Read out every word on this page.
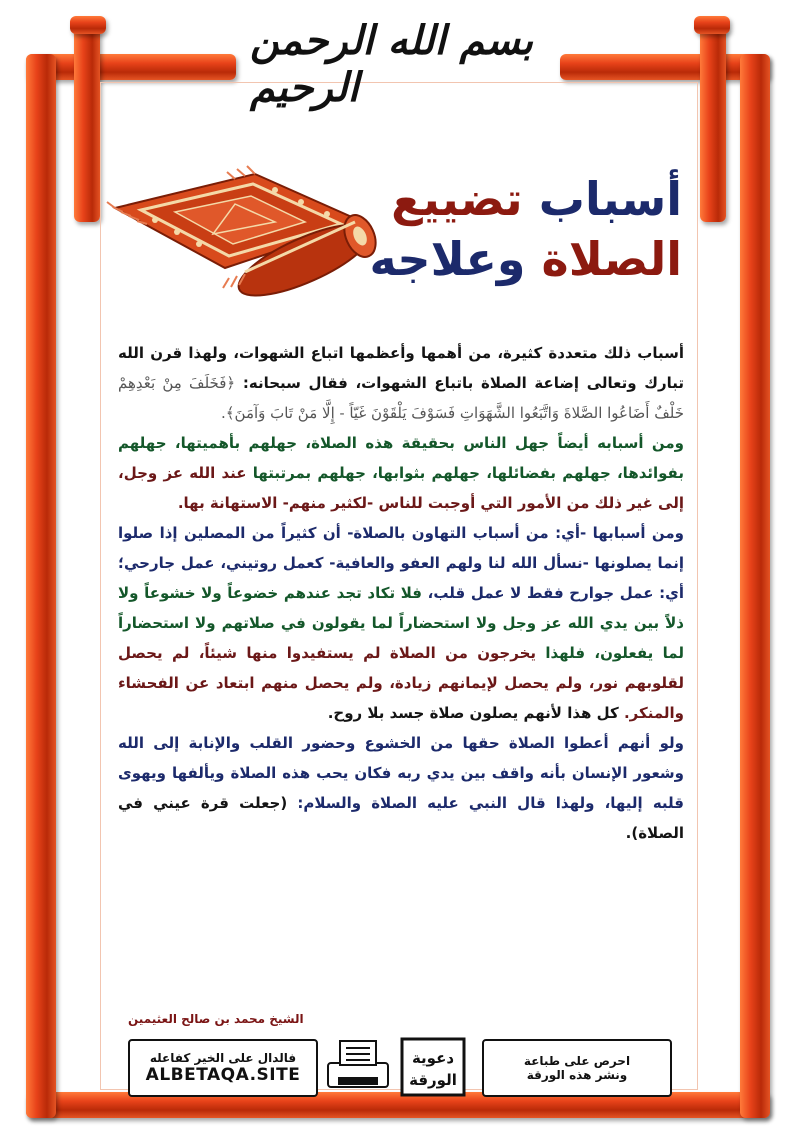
بسم الله الرحمن الرحيم
أسباب تضييع
الصلاة وعلاجه

أسباب ذلك متعددة كثيرة، من أهمها وأعظمها اتباع الشهوات، ولهذا قرن الله تبارك وتعالى إضاعة الصلاة باتباع الشهوات، فقال سبحانه: ﴿فَخَلَفَ مِنْ بَعْدِهِمْ خَلْفٌ أَضَاعُوا الصَّلاةَ وَاتَّبَعُوا الشَّهَوَاتِ فَسَوْفَ يَلْقَوْنَ غَيّاً - إِلَّا مَنْ تَابَ وَآمَنَ﴾.

ومن أسبابه أيضاً جهل الناس بحقيقة هذه الصلاة، جهلهم بأهميتها، جهلهم بفوائدها، جهلهم بفضائلها، جهلهم بثوابها، جهلهم بمرتبتها عند الله عز وجل، إلى غير ذلك من الأمور التي أوجبت للناس -لكثير منهم- الاستهانة بها.

ومن أسبابها -أي: من أسباب التهاون بالصلاة- أن كثيراً من المصلين إذا صلوا إنما يصلونها -نسأل الله لنا ولهم العفو والعافية- كعمل روتيني، عمل جارحي؛ أي: عمل جوارح فقط لا عمل قلب، فلا تكاد تجد عندهم خضوعاً ولا خشوعاً ولا ذلاً بين يدي الله عز وجل ولا استحضاراً لما يقولون في صلاتهم ولا استحضاراً لما يفعلون، فلهذا يخرجون من الصلاة لم يستفيدوا منها شيئاً، لم يحصل لقلوبهم نور، ولم يحصل لإيمانهم زيادة، ولم يحصل منهم ابتعاد عن الفحشاء والمنكر. كل هذا لأنهم يصلون صلاة جسد بلا روح.

ولو أنهم أعطوا الصلاة حقها من الخشوع وحضور القلب والإنابة إلى الله وشعور الإنسان بأنه واقف بين يدي ربه فكان يحب هذه الصلاة ويألفها ويهوى قلبه إليها، ولهذا قال النبي عليه الصلاة والسلام: (جعلت قرة عيني في الصلاة).

الشيخ محمد بن صالح العثيمين
فالدال على الخير كفاعله
ALBETAQA.SITE
دعوية
الورقة
احرص على طباعة
ونشر هذه الورقة
